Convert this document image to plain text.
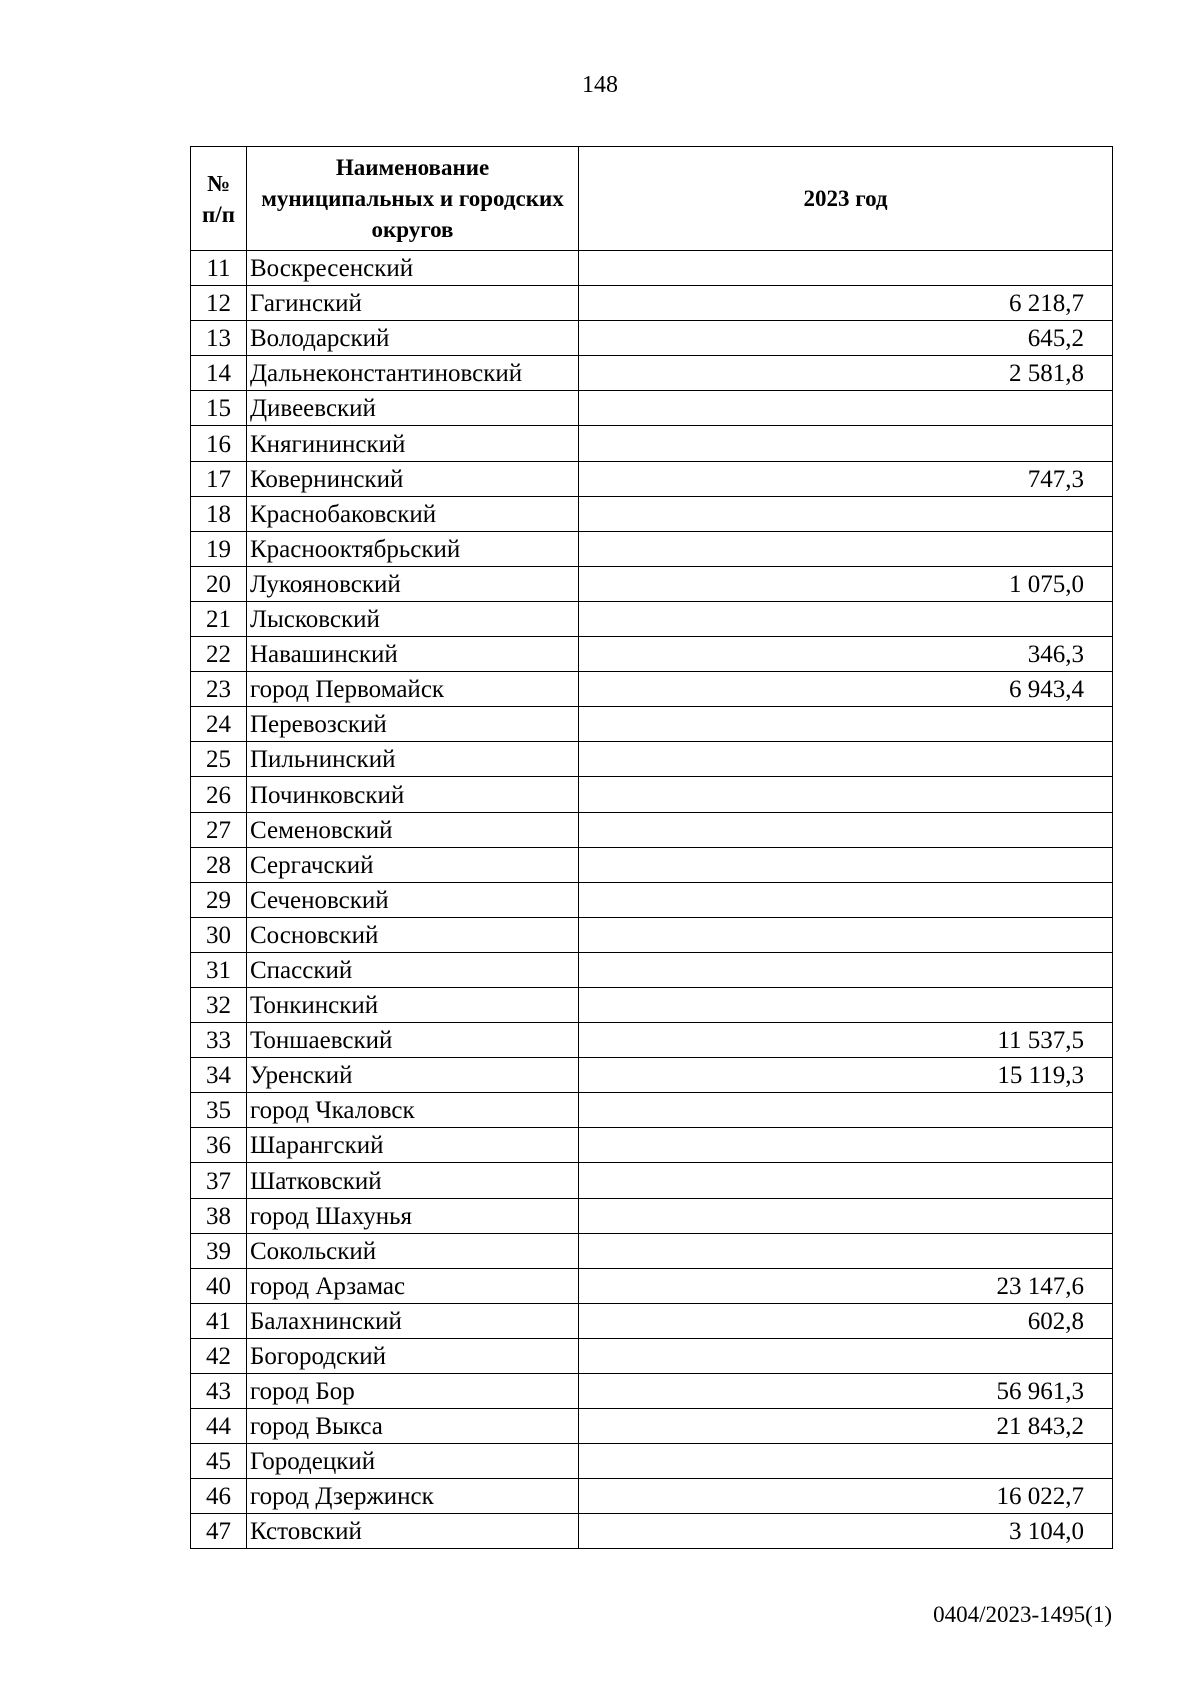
148
№ п/п	Наименование муниципальных и городских округов	2023 год
11	Воскресенский	
12	Гагинский	6 218,7
13	Володарский	645,2
14	Дальнеконстантиновский	2 581,8
15	Дивеевский	
16	Княгининский	
17	Ковернинский	747,3
18	Краснобаковский	
19	Краснооктябрьский	
20	Лукояновский	1 075,0
21	Лысковский	
22	Навашинский	346,3
23	город Первомайск	6 943,4
24	Перевозский	
25	Пильнинский	
26	Починковский	
27	Семеновский	
28	Сергачский	
29	Сеченовский	
30	Сосновский	
31	Спасский	
32	Тонкинский	
33	Тоншаевский	11 537,5
34	Уренский	15 119,3
35	город Чкаловск	
36	Шарангский	
37	Шатковский	
38	город Шахунья	
39	Сокольский	
40	город Арзамас	23 147,6
41	Балахнинский	602,8
42	Богородский	
43	город Бор	56 961,3
44	город Выкса	21 843,2
45	Городецкий	
46	город Дзержинск	16 022,7
47	Кстовский	3 104,0
0404/2023-1495(1)
